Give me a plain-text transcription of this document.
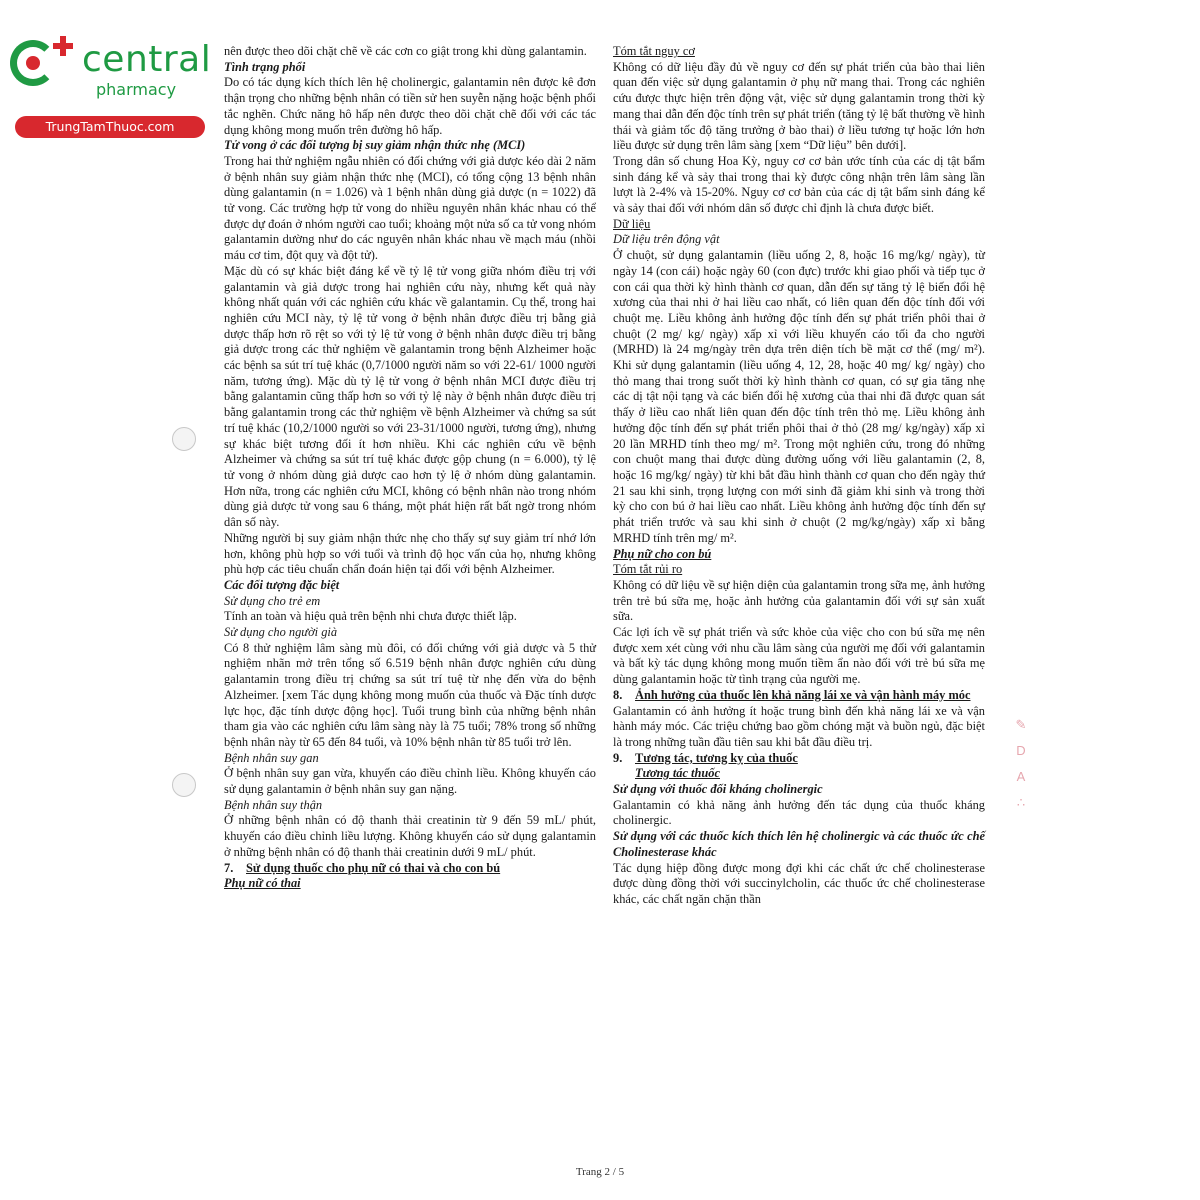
central
pharmacy
TrungTamThuoc.com
✎
D
A
∴

nên được theo dõi chặt chẽ về các cơn co giật trong khi dùng galantamin.

Tình trạng phổi

Do có tác dụng kích thích lên hệ cholinergic, galantamin nên được kê đơn thận trọng cho những bệnh nhân có tiền sử hen suyễn nặng hoặc bệnh phổi tắc nghẽn. Chức năng hô hấp nên được theo dõi chặt chẽ đối với các tác dụng không mong muốn trên đường hô hấp.

Tử vong ở các đối tượng bị suy giảm nhận thức nhẹ (MCI)

Trong hai thử nghiệm ngẫu nhiên có đối chứng với giả dược kéo dài 2 năm ở bệnh nhân suy giảm nhận thức nhẹ (MCI), có tổng cộng 13 bệnh nhân dùng galantamin (n = 1.026) và 1 bệnh nhân dùng giả dược (n = 1022) đã tử vong. Các trường hợp tử vong do nhiều nguyên nhân khác nhau có thể được dự đoán ở nhóm người cao tuổi; khoảng một nửa số ca tử vong nhóm galantamin dường như do các nguyên nhân khác nhau về mạch máu (nhồi máu cơ tim, đột quỵ và đột tử).

Mặc dù có sự khác biệt đáng kể về tỷ lệ tử vong giữa nhóm điều trị với galantamin và giả dược trong hai nghiên cứu này, nhưng kết quả này không nhất quán với các nghiên cứu khác về galantamin. Cụ thể, trong hai nghiên cứu MCI này, tỷ lệ tử vong ở bệnh nhân được điều trị bằng giả dược thấp hơn rõ rệt so với tỷ lệ tử vong ở bệnh nhân được điều trị bằng giả dược trong các thử nghiệm về galantamin trong bệnh Alzheimer hoặc các bệnh sa sút trí tuệ khác (0,7/1000 người năm so với 22-61/ 1000 người năm, tương ứng). Mặc dù tỷ lệ tử vong ở bệnh nhân MCI được điều trị bằng galantamin cũng thấp hơn so với tỷ lệ này ở bệnh nhân được điều trị bằng galantamin trong các thử nghiệm về bệnh Alzheimer và chứng sa sút trí tuệ khác (10,2/1000 người so với 23-31/1000 người, tương ứng), nhưng sự khác biệt tương đối ít hơn nhiều. Khi các nghiên cứu về bệnh Alzheimer và chứng sa sút trí tuệ khác được gộp chung (n = 6.000), tỷ lệ tử vong ở nhóm dùng giả dược cao hơn tỷ lệ ở nhóm dùng galantamin. Hơn nữa, trong các nghiên cứu MCI, không có bệnh nhân nào trong nhóm dùng giả dược tử vong sau 6 tháng, một phát hiện rất bất ngờ trong nhóm dân số này.

Những người bị suy giảm nhận thức nhẹ cho thấy sự suy giảm trí nhớ lớn hơn, không phù hợp so với tuổi và trình độ học vấn của họ, nhưng không phù hợp các tiêu chuẩn chẩn đoán hiện tại đối với bệnh Alzheimer.

Các đối tượng đặc biệt

Sử dụng cho trẻ em

Tính an toàn và hiệu quả trên bệnh nhi chưa được thiết lập.

Sử dụng cho người già

Có 8 thử nghiệm lâm sàng mù đôi, có đối chứng với giả dược và 5 thử nghiệm nhãn mở trên tổng số 6.519 bệnh nhân được nghiên cứu dùng galantamin trong điều trị chứng sa sút trí tuệ từ nhẹ đến vừa do bệnh Alzheimer. [xem Tác dụng không mong muốn của thuốc và Đặc tính dược lực học, đặc tính dược động học]. Tuổi trung bình của những bệnh nhân tham gia vào các nghiên cứu lâm sàng này là 75 tuổi; 78% trong số những bệnh nhân này từ 65 đến 84 tuổi, và 10% bệnh nhân từ 85 tuổi trở lên.

Bệnh nhân suy gan

Ở bệnh nhân suy gan vừa, khuyến cáo điều chỉnh liều. Không khuyến cáo sử dụng galantamin ở bệnh nhân suy gan nặng.

Bệnh nhân suy thận

Ở những bệnh nhân có độ thanh thải creatinin từ 9 đến 59 mL/ phút, khuyến cáo điều chỉnh liều lượng. Không khuyến cáo sử dụng galantamin ở những bệnh nhân có độ thanh thải creatinin dưới 9 mL/ phút.

7. Sử dụng thuốc cho phụ nữ có thai và cho con bú

Phụ nữ có thai

Tóm tắt nguy cơ

Không có dữ liệu đầy đủ về nguy cơ đến sự phát triển của bào thai liên quan đến việc sử dụng galantamin ở phụ nữ mang thai. Trong các nghiên cứu được thực hiện trên động vật, việc sử dụng galantamin trong thời kỳ mang thai dẫn đến độc tính trên sự phát triển (tăng tỷ lệ bất thường về hình thái và giảm tốc độ tăng trưởng ở bào thai) ở liều tương tự hoặc lớn hơn liều được sử dụng trên lâm sàng [xem “Dữ liệu” bên dưới].

Trong dân số chung Hoa Kỳ, nguy cơ cơ bản ước tính của các dị tật bẩm sinh đáng kể và sảy thai trong thai kỳ được công nhận trên lâm sàng lần lượt là 2-4% và 15-20%. Nguy cơ cơ bản của các dị tật bẩm sinh đáng kể và sảy thai đối với nhóm dân số được chỉ định là chưa được biết.

Dữ liệu

Dữ liệu trên động vật

Ở chuột, sử dụng galantamin (liều uống 2, 8, hoặc 16 mg/kg/ ngày), từ ngày 14 (con cái) hoặc ngày 60 (con đực) trước khi giao phối và tiếp tục ở con cái qua thời kỳ hình thành cơ quan, dẫn đến sự tăng tỷ lệ biến đổi hệ xương của thai nhi ở hai liều cao nhất, có liên quan đến độc tính đối với chuột mẹ. Liều không ảnh hưởng độc tính đến sự phát triển phôi thai ở chuột (2 mg/ kg/ ngày) xấp xỉ với liều khuyến cáo tối đa cho người (MRHD) là 24 mg/ngày trên dựa trên diện tích bề mặt cơ thể (mg/ m²). Khi sử dụng galantamin (liều uống 4, 12, 28, hoặc 40 mg/ kg/ ngày) cho thỏ mang thai trong suốt thời kỳ hình thành cơ quan, có sự gia tăng nhẹ các dị tật nội tạng và các biến đổi hệ xương của thai nhi đã được quan sát thấy ở liều cao nhất liên quan đến độc tính trên thỏ mẹ. Liều không ảnh hưởng độc tính đến sự phát triển phôi thai ở thỏ (28 mg/ kg/ngày) xấp xỉ 20 lần MRHD tính theo mg/ m². Trong một nghiên cứu, trong đó những con chuột mang thai được dùng đường uống với liều galantamin (2, 8, hoặc 16 mg/kg/ ngày) từ khi bắt đầu hình thành cơ quan cho đến ngày thứ 21 sau khi sinh, trọng lượng con mới sinh đã giảm khi sinh và trong thời kỳ cho con bú ở hai liều cao nhất. Liều không ảnh hưởng độc tính đến sự phát triển trước và sau khi sinh ở chuột (2 mg/kg/ngày) xấp xỉ bằng MRHD tính trên mg/ m².

Phụ nữ cho con bú

Tóm tắt rủi ro

Không có dữ liệu về sự hiện diện của galantamin trong sữa mẹ, ảnh hưởng trên trẻ bú sữa mẹ, hoặc ảnh hưởng của galantamin đối với sự sản xuất sữa.

Các lợi ích về sự phát triển và sức khỏe của việc cho con bú sữa mẹ nên được xem xét cùng với nhu cầu lâm sàng của người mẹ đối với galantamin và bất kỳ tác dụng không mong muốn tiềm ẩn nào đối với trẻ bú sữa mẹ dùng galantamin hoặc từ tình trạng của người mẹ.

8. Ảnh hưởng của thuốc lên khả năng lái xe và vận hành máy móc

Galantamin có ảnh hưởng ít hoặc trung bình đến khả năng lái xe và vận hành máy móc. Các triệu chứng bao gồm chóng mặt và buồn ngủ, đặc biệt là trong những tuần đầu tiên sau khi bắt đầu điều trị.

9. Tương tác, tương kỵ của thuốc

Tương tác thuốc

Sử dụng với thuốc đối kháng cholinergic

Galantamin có khả năng ảnh hưởng đến tác dụng của thuốc kháng cholinergic.

Sử dụng với các thuốc kích thích lên hệ cholinergic và các thuốc ức chế Cholinesterase khác

Tác dụng hiệp đồng được mong đợi khi các chất ức chế cholinesterase được dùng đồng thời với succinylcholin, các thuốc ức chế cholinesterase khác, các chất ngăn chặn thần

Trang 2 / 5
